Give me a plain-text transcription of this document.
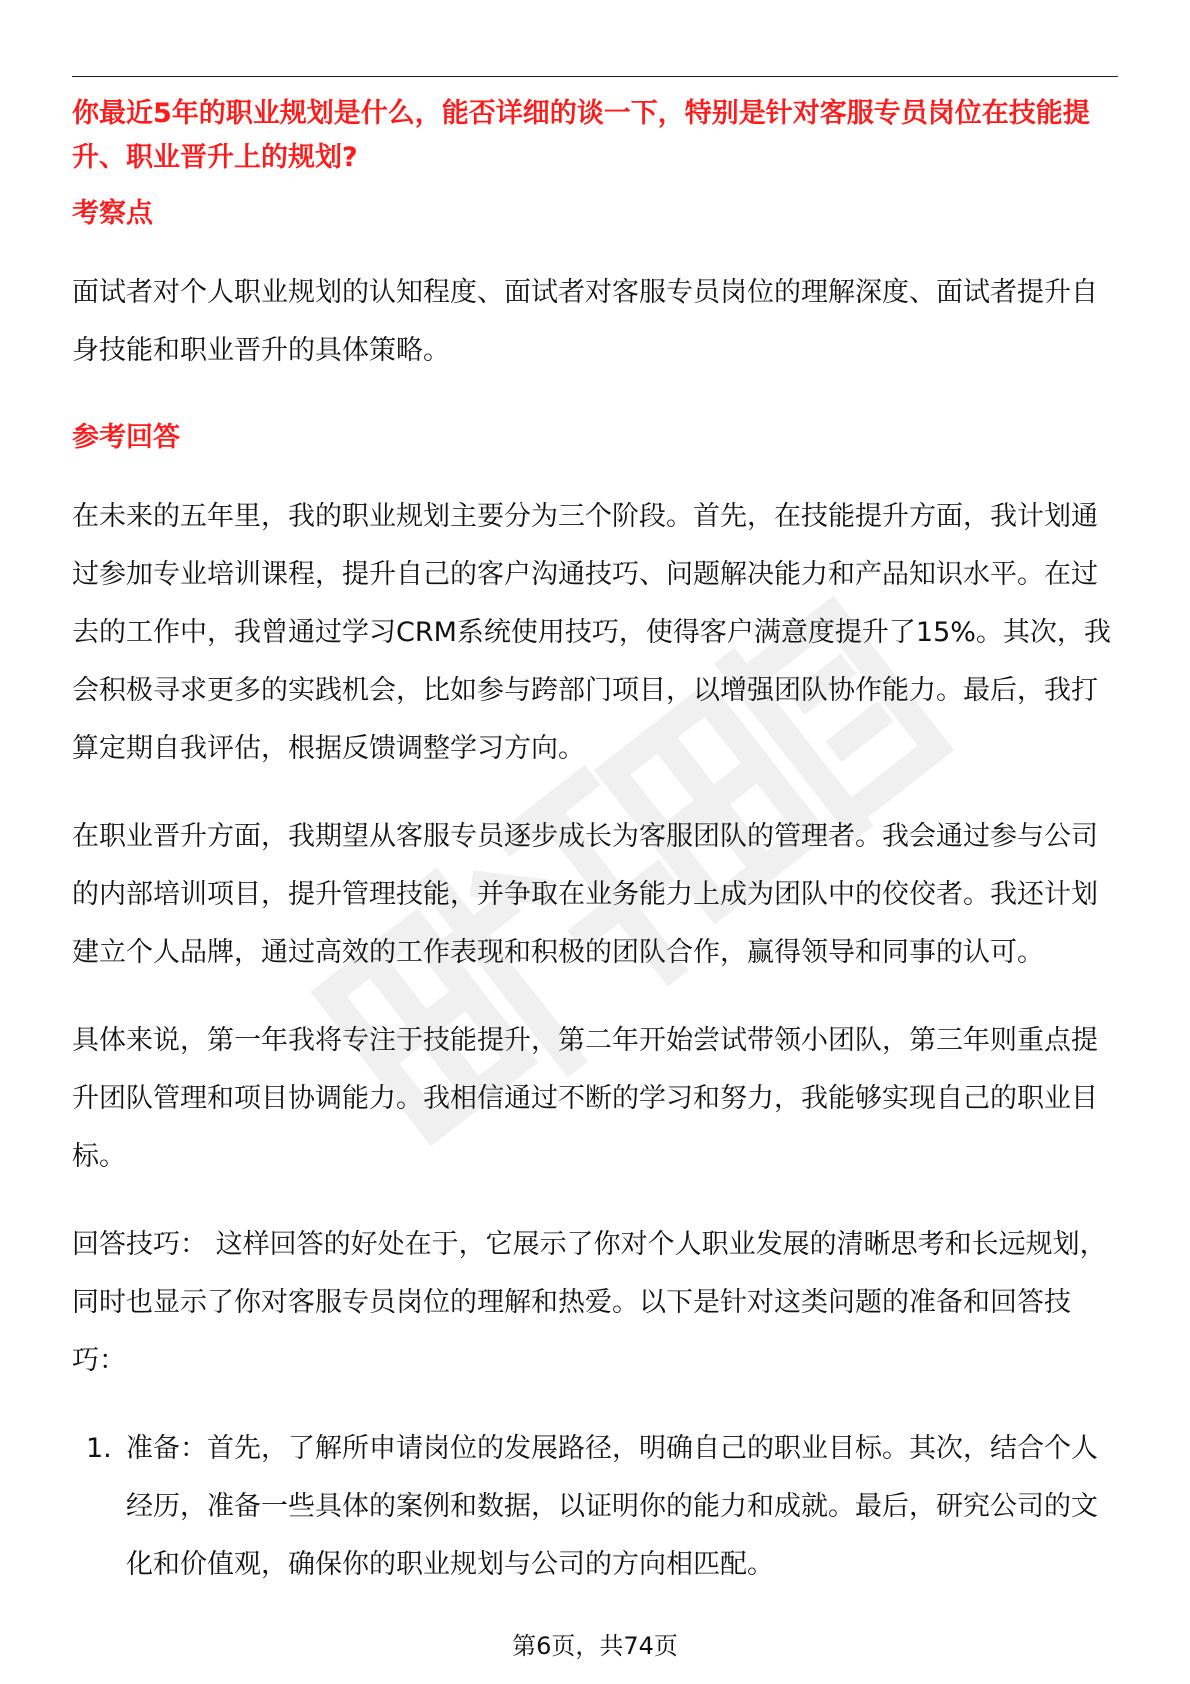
你最近5年的职业规划是什么，能否详细的谈一下，特别是针对客服专员岗位在技能提升、职业晋升上的规划?

考察点

面试者对个人职业规划的认知程度、面试者对客服专员岗位的理解深度、面试者提升自身技能和职业晋升的具体策略。

参考回答

在未来的五年里，我的职业规划主要分为三个阶段。首先，在技能提升方面，我计划通过参加专业培训课程，提升自己的客户沟通技巧、问题解决能力和产品知识水平。在过去的工作中，我曾通过学习CRM系统使用技巧，使得客户满意度提升了15%。其次，我会积极寻求更多的实践机会，比如参与跨部门项目，以增强团队协作能力。最后，我打算定期自我评估，根据反馈调整学习方向。

在职业晋升方面，我期望从客服专员逐步成长为客服团队的管理者。我会通过参与公司的内部培训项目，提升管理技能，并争取在业务能力上成为团队中的佼佼者。我还计划建立个人品牌，通过高效的工作表现和积极的团队合作，赢得领导和同事的认可。

具体来说，第一年我将专注于技能提升，第二年开始尝试带领小团队，第三年则重点提升团队管理和项目协调能力。我相信通过不断的学习和努力，我能够实现自己的职业目标。

回答技巧： 这样回答的好处在于，它展示了你对个人职业发展的清晰思考和长远规划，同时也显示了你对客服专员岗位的理解和热爱。以下是针对这类问题的准备和回答技巧：

1. 准备：首先，了解所申请岗位的发展路径，明确自己的职业目标。其次，结合个人经历，准备一些具体的案例和数据，以证明你的能力和成就。最后，研究公司的文化和价值观，确保你的职业规划与公司的方向相匹配。
第6页，共74页
